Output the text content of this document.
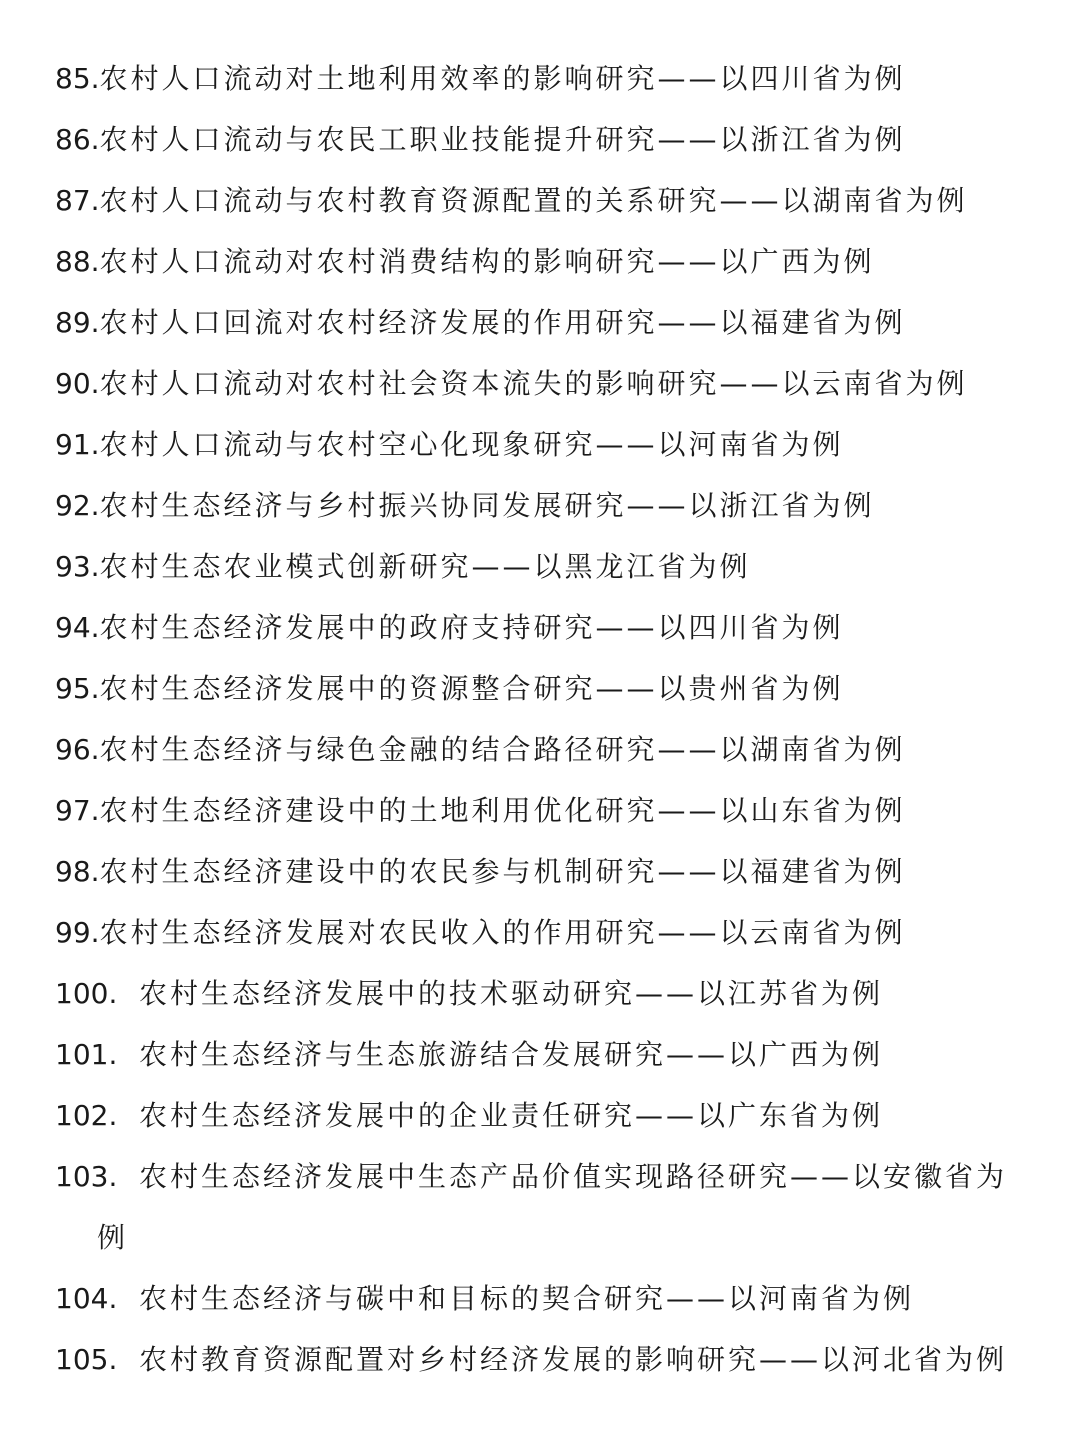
85.农村人口流动对土地利用效率的影响研究——以四川省为例
86.农村人口流动与农民工职业技能提升研究——以浙江省为例
87.农村人口流动与农村教育资源配置的关系研究——以湖南省为例
88.农村人口流动对农村消费结构的影响研究——以广西为例
89.农村人口回流对农村经济发展的作用研究——以福建省为例
90.农村人口流动对农村社会资本流失的影响研究——以云南省为例
91.农村人口流动与农村空心化现象研究——以河南省为例
92.农村生态经济与乡村振兴协同发展研究——以浙江省为例
93.农村生态农业模式创新研究——以黑龙江省为例
94.农村生态经济发展中的政府支持研究——以四川省为例
95.农村生态经济发展中的资源整合研究——以贵州省为例
96.农村生态经济与绿色金融的结合路径研究——以湖南省为例
97.农村生态经济建设中的土地利用优化研究——以山东省为例
98.农村生态经济建设中的农民参与机制研究——以福建省为例
99.农村生态经济发展对农民收入的作用研究——以云南省为例
100. 农村生态经济发展中的技术驱动研究——以江苏省为例
101. 农村生态经济与生态旅游结合发展研究——以广西为例
102. 农村生态经济发展中的企业责任研究——以广东省为例
103. 农村生态经济发展中生态产品价值实现路径研究——以安徽省为
例
104. 农村生态经济与碳中和目标的契合研究——以河南省为例
105. 农村教育资源配置对乡村经济发展的影响研究——以河北省为例
